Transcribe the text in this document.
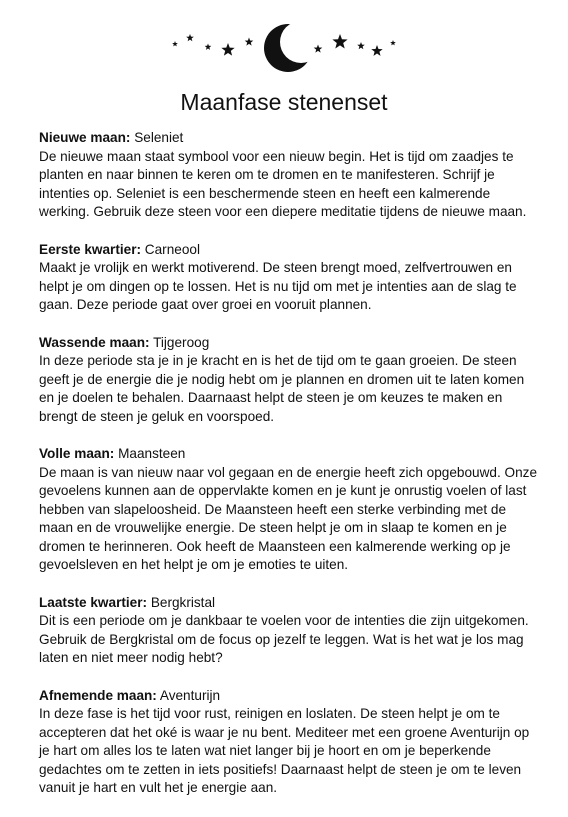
Maanfase stenenset

Nieuwe maan: Seleniet

De nieuwe maan staat symbool voor een nieuw begin. Het is tijd om zaadjes te planten en naar binnen te keren om te dromen en te manifesteren. Schrijf je intenties op. Seleniet is een beschermende steen en heeft een kalmerende werking. Gebruik deze steen voor een diepere meditatie tijdens de nieuwe maan.

Eerste kwartier: Carneool

Maakt je vrolijk en werkt motiverend. De steen brengt moed, zelfvertrouwen en helpt je om dingen op te lossen. Het is nu tijd om met je intenties aan de slag te gaan. Deze periode gaat over groei en vooruit plannen.

Wassende maan: Tijgeroog

In deze periode sta je in je kracht en is het de tijd om te gaan groeien. De steen geeft je de energie die je nodig hebt om je plannen en dromen uit te laten komen en je doelen te behalen. Daarnaast helpt de steen je om keuzes te maken en brengt de steen je geluk en voorspoed.

Volle maan: Maansteen

De maan is van nieuw naar vol gegaan en de energie heeft zich opgebouwd. Onze gevoelens kunnen aan de oppervlakte komen en je kunt je onrustig voelen of last hebben van slapeloosheid. De Maansteen heeft een sterke verbinding met de maan en de vrouwelijke energie. De steen helpt je om in slaap te komen en je dromen te herinneren. Ook heeft de Maansteen een kalmerende werking op je gevoelsleven en het helpt je om je emoties te uiten.

Laatste kwartier: Bergkristal

Dit is een periode om je dankbaar te voelen voor de intenties die zijn uitgekomen. Gebruik de Bergkristal om de focus op jezelf te leggen. Wat is het wat je los mag laten en niet meer nodig hebt?

Afnemende maan: Aventurijn

In deze fase is het tijd voor rust, reinigen en loslaten. De steen helpt je om te accepteren dat het oké is waar je nu bent. Mediteer met een groene Aventurijn op je hart om alles los te laten wat niet langer bij je hoort en om je beperkende gedachtes om te zetten in iets positiefs! Daarnaast helpt de steen je om te leven vanuit je hart en vult het je energie aan.
